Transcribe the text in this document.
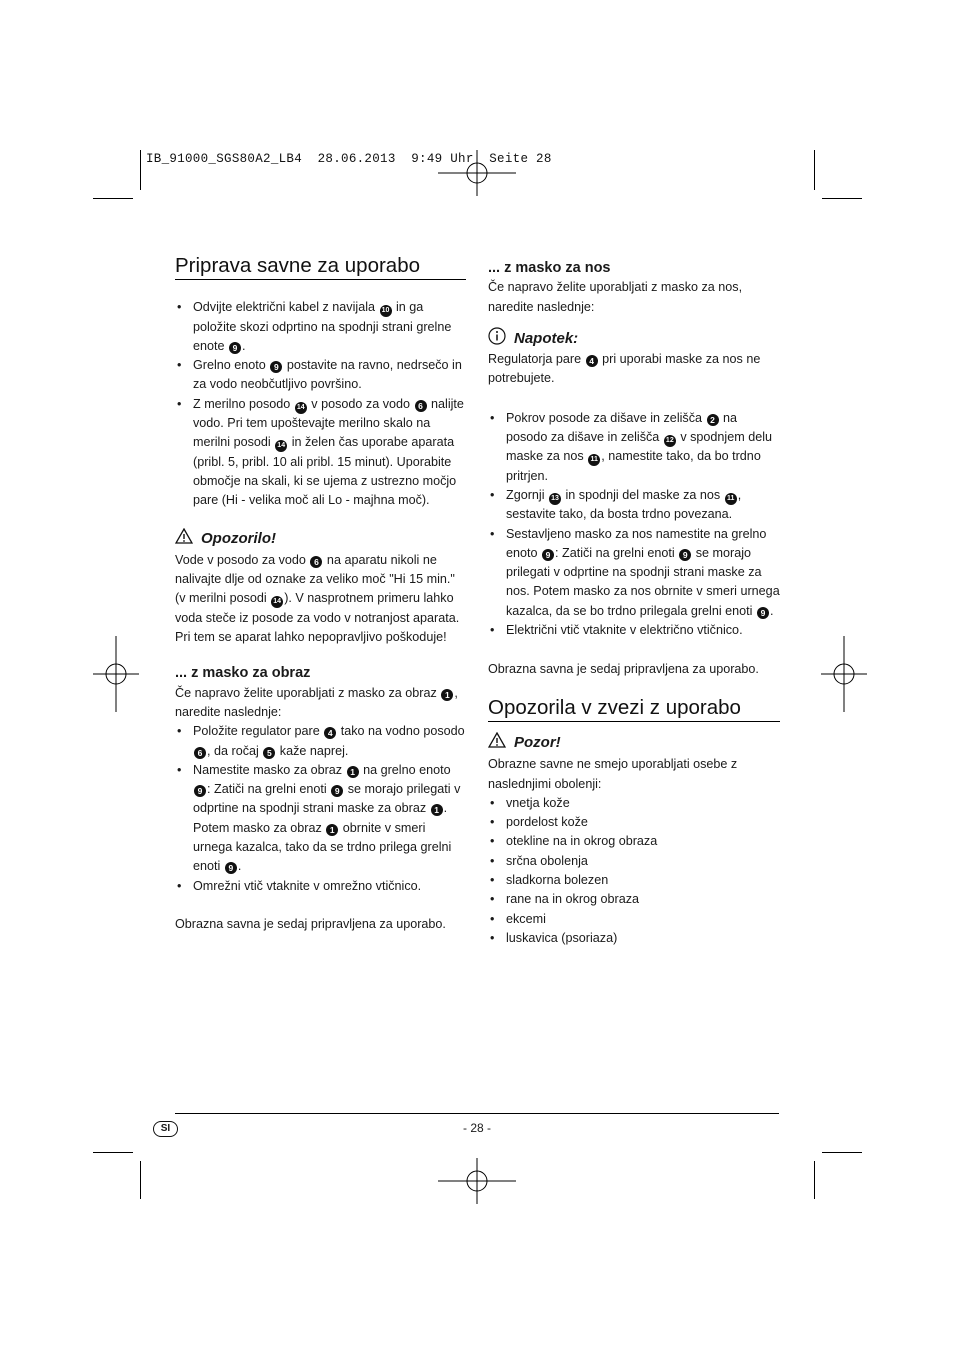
IB_91000_SGS80A2_LB4  28.06.2013  9:49 Uhr  Seite 28
Priprava savne za uporabo
• Odvijte električni kabel z navijala 10 in ga položite skozi odprtino na spodnji strani grelne enote 9 .
• Grelno enoto 9 postavite na ravno, nedrsečo in za vodo neobčutljivo površino.
• Z merilno posodo 14 v posodo za vodo 6 nalijte vodo. Pri tem upoštevajte merilno skalo na merilni posodi 14 in želen čas uporabe aparata (pribl. 5, pribl. 10 ali pribl. 15 minut). Uporabite območje na skali, ki se ujema z ustrezno močjo pare (Hi - velika moč ali Lo - majhna moč).
Opozorilo!

Vode v posodo za vodo 6 na aparatu nikoli ne nalivajte dlje od oznake za veliko moč "Hi 15 min." (v merilni posodi 14 ). V nasprotnem primeru lahko voda steče iz posode za vodo v notranjost aparata. Pri tem se aparat lahko nepopravljivo poškoduje!

... z masko za obraz

Če napravo želite uporabljati z masko za obraz 1 , naredite naslednje:

• Položite regulator pare 4 tako na vodno posodo 6 , da ročaj 5 kaže naprej.
• Namestite masko za obraz 1 na grelno enoto 9 : Zatiči na grelni enoti 9 se morajo prilegati v odprtine na spodnji strani maske za obraz 1 . Potem masko za obraz 1 obrnite v smeri urnega kazalca, tako da se trdno prilega grelni enoti 9 .
• Omrežni vtič vtaknite v omrežno vtičnico.

Obrazna savna je sedaj pripravljena za uporabo.

... z masko za nos

Če napravo želite uporabljati z masko za nos, naredite naslednje:

Napotek:

Regulatorja pare 4 pri uporabi maske za nos ne potrebujete.

• Pokrov posode za dišave in zelišča 2 na posodo za dišave in zelišča 12 v spodnjem delu maske za nos 11 , namestite tako, da bo trdno pritrjen.
• Zgornji 13 in spodnji del maske za nos 11 , sestavite tako, da bosta trdno povezana.
• Sestavljeno masko za nos namestite na grelno enoto 9 : Zatiči na grelni enoti 9 se morajo prilegati v odprtine na spodnji strani maske za nos. Potem masko za nos obrnite v smeri urnega kazalca, da se bo trdno prilegala grelni enoti 9 .
• Električni vtič vtaknite v električno vtičnico.

Obrazna savna je sedaj pripravljena za uporabo.

Opozorila v zvezi z uporabo
Pozor!

Obrazne savne ne smejo uporabljati osebe z naslednjimi obolenji:

• vnetja kože
• pordelost kože
• otekline na in okrog obraza
• srčna obolenja
• sladkorna bolezen
• rane na in okrog obraza
• ekcemi
• luskavica (psoriaza)
SI	- 28 -
